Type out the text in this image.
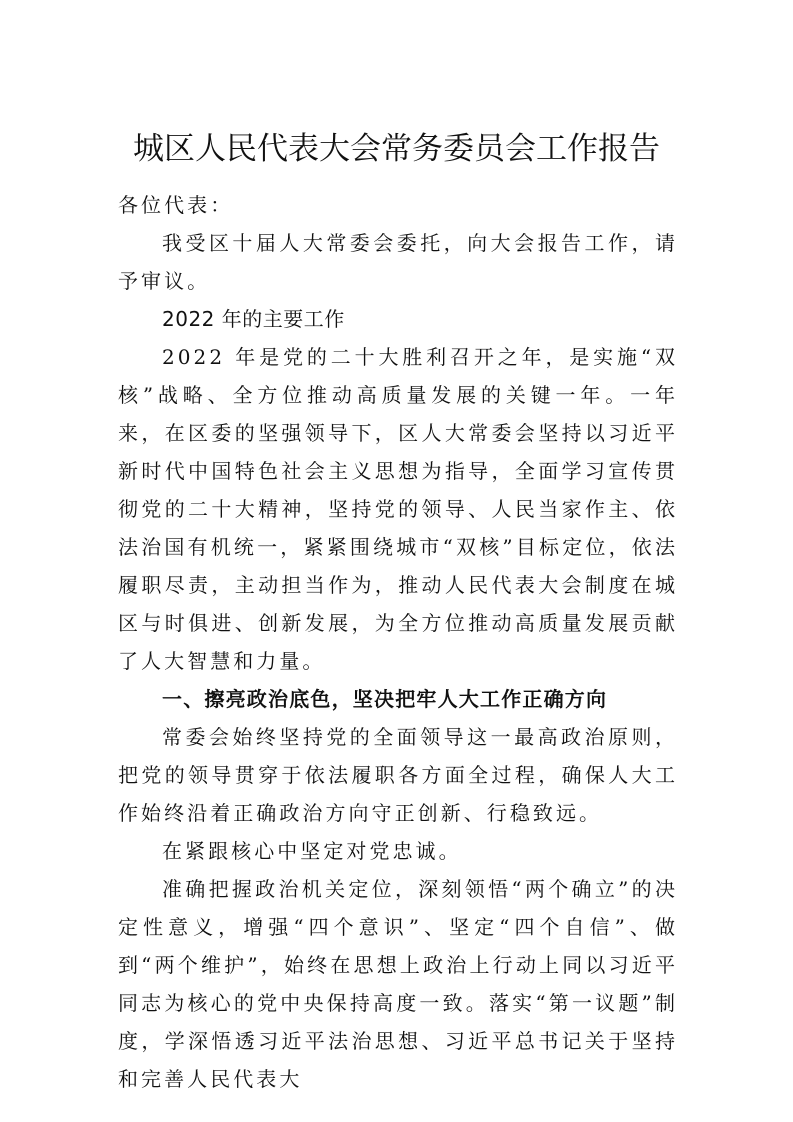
城区人民代表大会常务委员会工作报告

各位代表：

我受区十届人大常委会委托，向大会报告工作，请予审议。

2022 年的主要工作

2022 年是党的二十大胜利召开之年，是实施“双核”战略、全方位推动高质量发展的关键一年。一年来，在区委的坚强领导下，区人大常委会坚持以习近平新时代中国特色社会主义思想为指导，全面学习宣传贯彻党的二十大精神，坚持党的领导、人民当家作主、依法治国有机统一，紧紧围绕城市“双核”目标定位，依法履职尽责，主动担当作为，推动人民代表大会制度在城区与时俱进、创新发展，为全方位推动高质量发展贡献了人大智慧和力量。

一、擦亮政治底色，坚决把牢人大工作正确方向

常委会始终坚持党的全面领导这一最高政治原则，把党的领导贯穿于依法履职各方面全过程，确保人大工作始终沿着正确政治方向守正创新、行稳致远。

在紧跟核心中坚定对党忠诚。

准确把握政治机关定位，深刻领悟“两个确立”的决定性意义，增强“四个意识”、坚定“四个自信”、做到“两个维护”，始终在思想上政治上行动上同以习近平同志为核心的党中央保持高度一致。落实“第一议题”制度，学深悟透习近平法治思想、习近平总书记关于坚持和完善人民代表大
